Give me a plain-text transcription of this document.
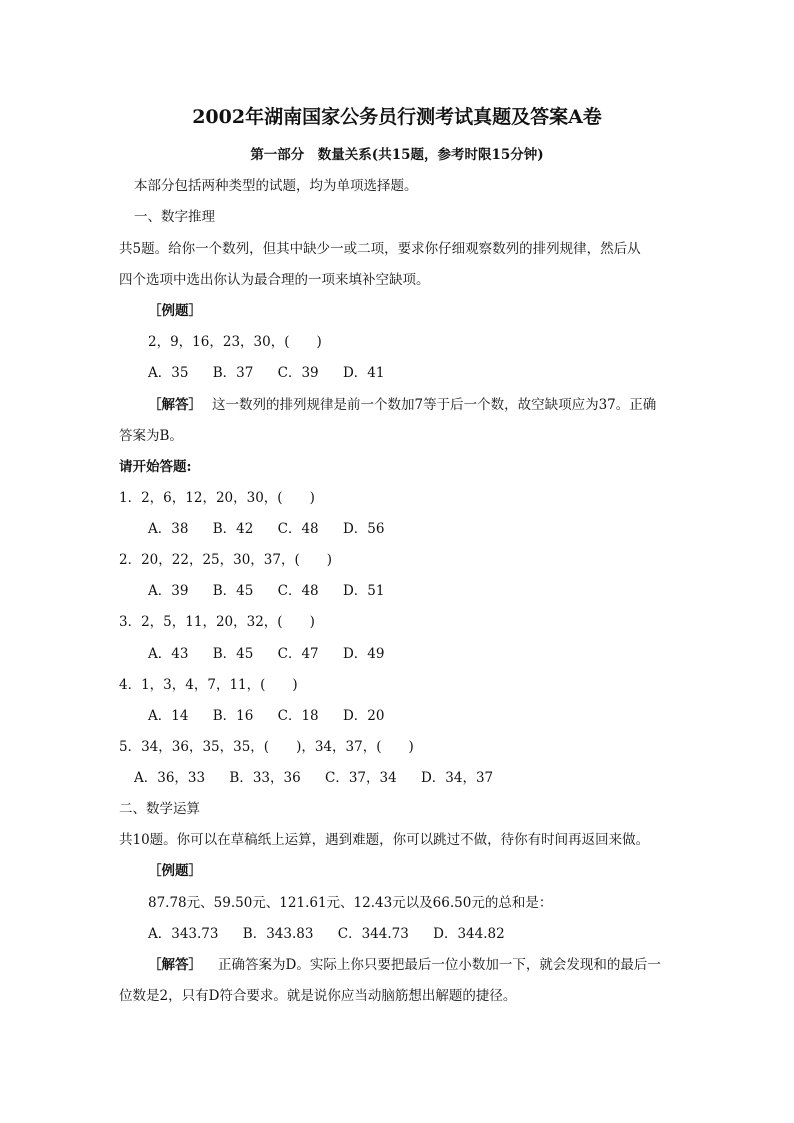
2002年湖南国家公务员行测考试真题及答案A卷
第一部分　数量关系(共15题，参考时限15分钟)
本部分包括两种类型的试题，均为单项选择题。
一、数字推理
共5题。给你一个数列，但其中缺少一或二项，要求你仔细观察数列的排列规律，然后从
四个选项中选出你认为最合理的一项来填补空缺项。
［例题］
2，9，16，23，30，(　　)
A．35 B．37 C．39 D．41
［解答］ 这一数列的排列规律是前一个数加7等于后一个数，故空缺项应为37。正确
答案为B。
请开始答题:
1．2，6，12，20，30，(　　)
A．38 B．42 C．48 D．56
2．20，22，25，30，37，(　　)
A．39 B．45 C．48 D．51
3．2，5，11，20，32，(　　)
A．43 B．45 C．47 D．49
4．1，3，4，7，11，(　　)
A．14 B．16 C．18 D．20
5．34，36，35，35，(　　)，34，37，(　　)
A．36，33 B．33，36 C．37，34 D．34，37
二、数学运算
共10题。你可以在草稿纸上运算，遇到难题，你可以跳过不做，待你有时间再返回来做。
［例题］
87.78元、59.50元、121.61元、12.43元以及66.50元的总和是：
A．343.73 B．343.83 C．344.73 D．344.82
［解答］ 正确答案为D。实际上你只要把最后一位小数加一下，就会发现和的最后一
位数是2，只有D符合要求。就是说你应当动脑筋想出解题的捷径。
